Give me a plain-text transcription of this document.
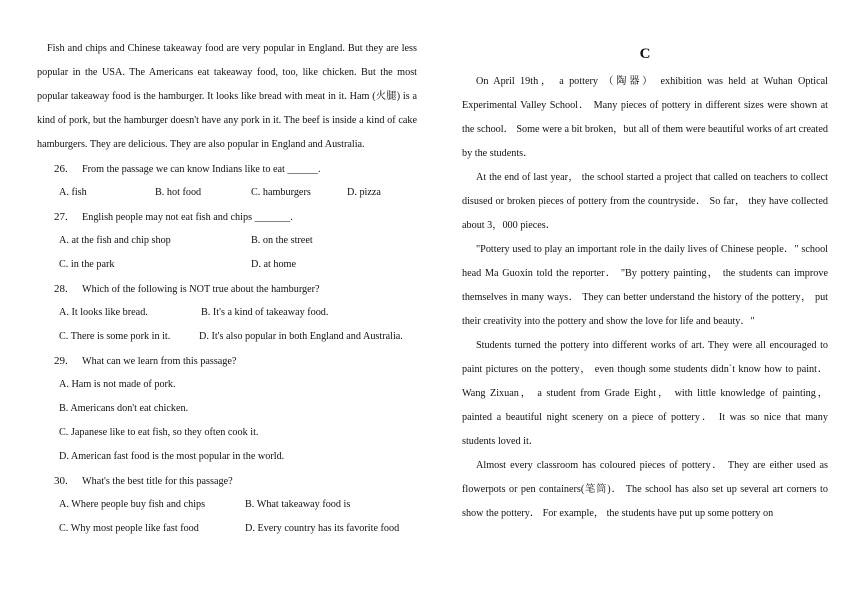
Fish and chips and Chinese takeaway food are very popular in England. But they are less popular in the USA. The Americans eat takeaway food, too, like chicken. But the most popular takeaway food is the hamburger. It looks like bread with meat in it. Ham (火腿) is a kind of pork, but the hamburger doesn't have any pork in it. The beef is inside a kind of cake hamburgers. They are delicious. They are also popular in England and Australia.

26. From the passage we can know Indians like to eat ______.
A. fish	B. hot food	C. hamburgers	D. pizza
27. English people may not eat fish and chips _______.
A. at the fish and chip shop	B. on the street
C. in the park	D. at home
28. Which of the following is NOT true about the hamburger?
A. It looks like bread.	B. It's a kind of takeaway food.
C. There is some pork in it.	D. It's also popular in both England and Australia.
29. What can we learn from this passage?
A. Ham is not made of pork.
B. Americans don't eat chicken.
C. Japanese like to eat fish, so they often cook it.
D. American fast food is the most popular in the world.
30. What's the best title for this passage?
A. Where people buy fish and chips	B. What takeaway food is
C. Why most people like fast food	D. Every country has its favorite food

C

On April 19th， a pottery （陶器） exhibition was held at Wuhan Optical Experimental Valley School． Many pieces of pottery in different sizes were shown at the school． Some were a bit broken，but all of them were beautiful works of art created by the students．

At the end of last year， the school started a project that called on teachers to collect disused or broken pieces of pottery from the countryside． So far， they have collected about 3，000 pieces．

"Pottery used to play an important role in the daily lives of Chinese people．" school head Ma Guoxin told the reporter． "By pottery painting， the students can improve themselves in many ways． They can better understand the history of the pottery， put their creativity into the pottery and show the love for life and beauty．"

Students turned the pottery into different works of art. They were all encouraged to paint pictures on the pottery， even though some students didn`t know how to paint． Wang Zixuan， a student from Grade Eight， with little knowledge of painting， painted a beautiful night scenery on a piece of pottery． It was so nice that many students loved it．

Almost every classroom has coloured pieces of pottery． They are either used as flowerpots or pen containers(笔筒)． The school has also set up several art corners to show the pottery． For example， the students have put up some pottery on
